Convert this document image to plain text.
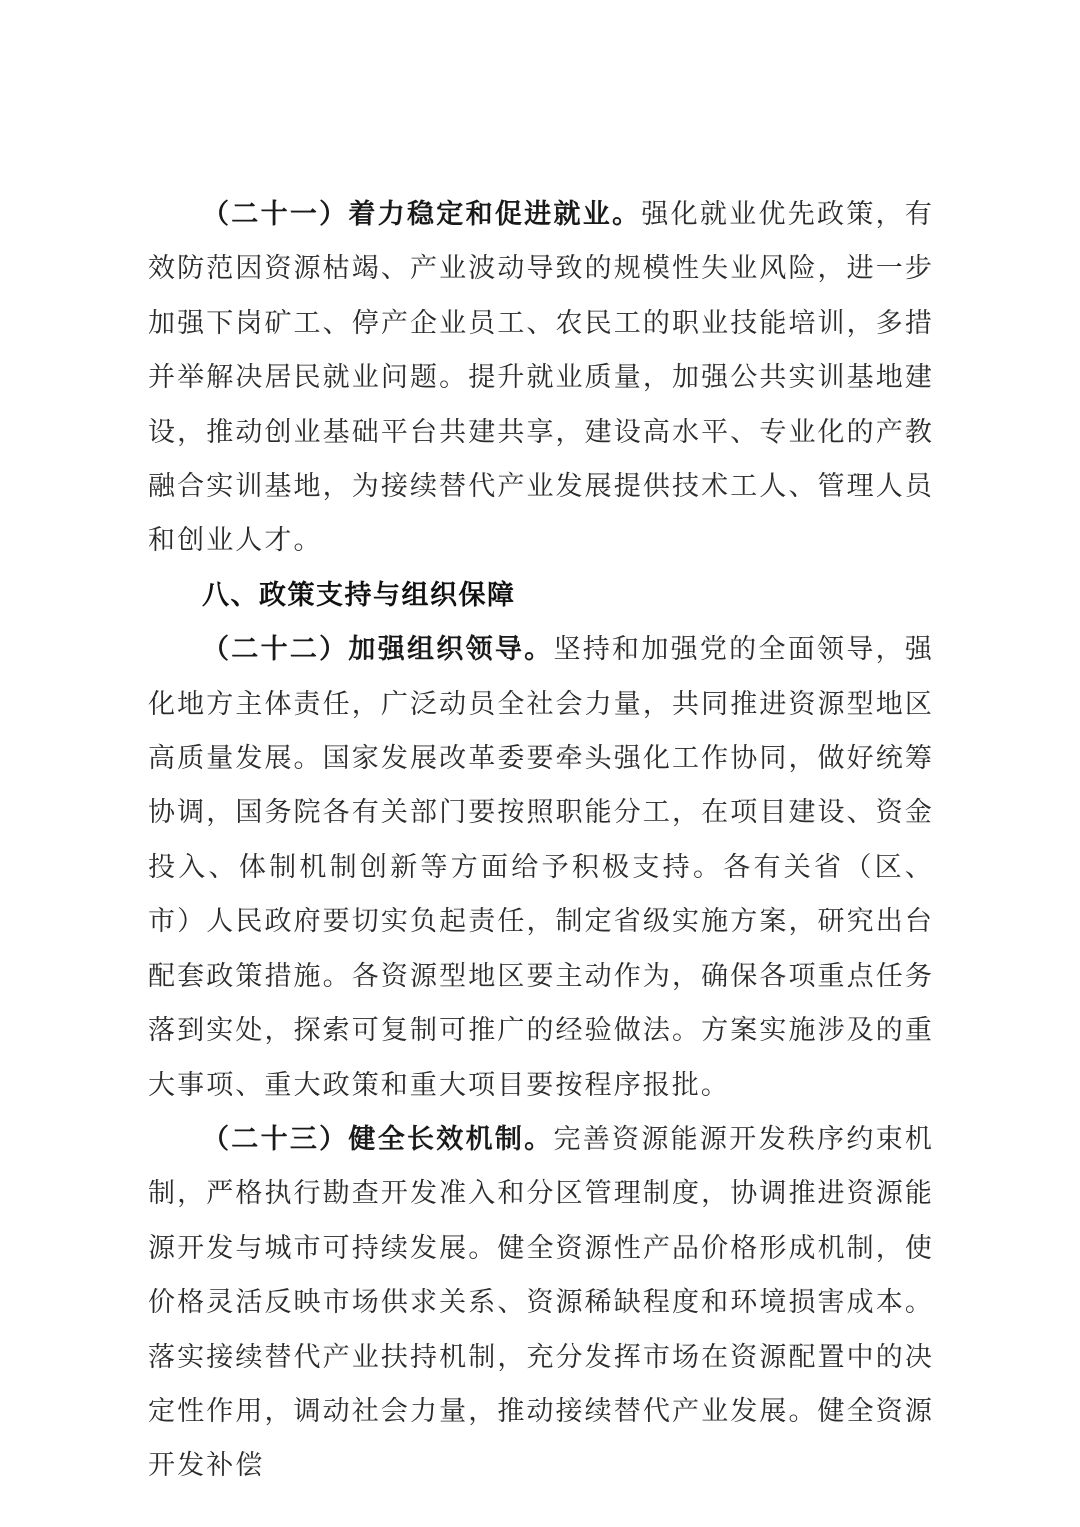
（二十一）着力稳定和促进就业。强化就业优先政策，有效防范因资源枯竭、产业波动导致的规模性失业风险，进一步加强下岗矿工、停产企业员工、农民工的职业技能培训，多措并举解决居民就业问题。提升就业质量，加强公共实训基地建设，推动创业基础平台共建共享，建设高水平、专业化的产教融合实训基地，为接续替代产业发展提供技术工人、管理人员和创业人才。

八、政策支持与组织保障

（二十二）加强组织领导。坚持和加强党的全面领导，强化地方主体责任，广泛动员全社会力量，共同推进资源型地区高质量发展。国家发展改革委要牵头强化工作协同，做好统筹协调，国务院各有关部门要按照职能分工，在项目建设、资金投入、体制机制创新等方面给予积极支持。各有关省（区、市）人民政府要切实负起责任，制定省级实施方案，研究出台配套政策措施。各资源型地区要主动作为，确保各项重点任务落到实处，探索可复制可推广的经验做法。方案实施涉及的重大事项、重大政策和重大项目要按程序报批。

（二十三）健全长效机制。完善资源能源开发秩序约束机制，严格执行勘查开发准入和分区管理制度，协调推进资源能源开发与城市可持续发展。健全资源性产品价格形成机制，使价格灵活反映市场供求关系、资源稀缺程度和环境损害成本。落实接续替代产业扶持机制，充分发挥市场在资源配置中的决定性作用，调动社会力量，推动接续替代产业发展。健全资源开发补偿
